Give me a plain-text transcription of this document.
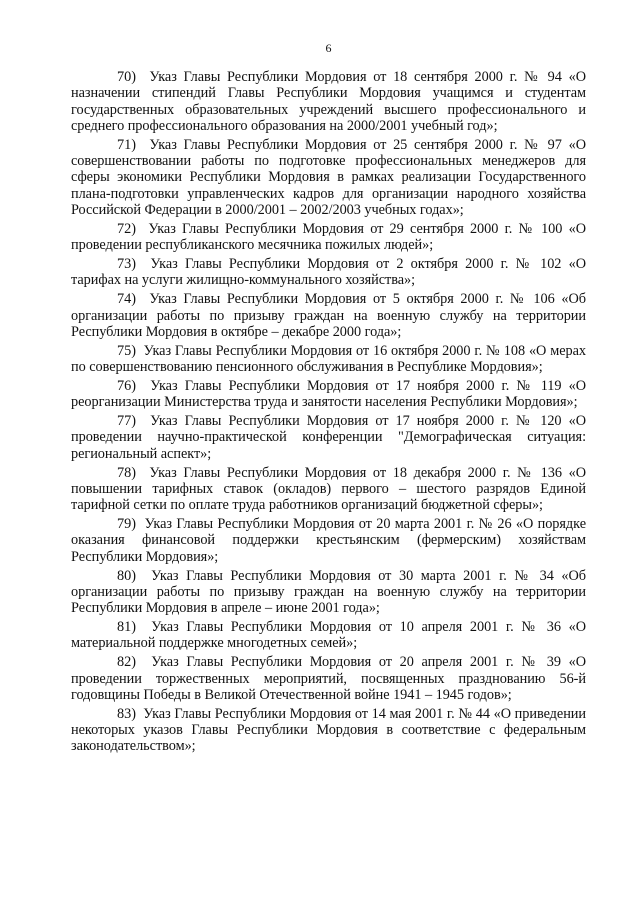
6

70) Указ Главы Республики Мордовия от 18 сентября 2000 г. № 94 «О назначении стипендий Главы Республики Мордовия учащимся и студентам государственных образовательных учреждений высшего профессионального и среднего профессионального образования на 2000/2001 учебный год»;

71) Указ Главы Республики Мордовия от 25 сентября 2000 г. № 97 «О совершенствовании работы по подготовке профессиональных менеджеров для сферы экономики Республики Мордовия в рамках реализации Государственного плана-подготовки управленческих кадров для организации народного хозяйства Российской Федерации в 2000/2001 – 2002/2003 учебных годах»;

72) Указ Главы Республики Мордовия от 29 сентября 2000 г. № 100 «О проведении республиканского месячника пожилых людей»;

73) Указ Главы Республики Мордовия от 2 октября 2000 г. № 102 «О тарифах на услуги жилищно-коммунального хозяйства»;

74) Указ Главы Республики Мордовия от 5 октября 2000 г. № 106 «Об организации работы по призыву граждан на военную службу на территории Республики Мордовия в октябре – декабре 2000 года»;

75) Указ Главы Республики Мордовия от 16 октября 2000 г. № 108 «О мерах по совершенствованию пенсионного обслуживания в Республике Мордовия»;

76) Указ Главы Республики Мордовия от 17 ноября 2000 г. № 119 «О реорганизации Министерства труда и занятости населения Республики Мордовия»;

77) Указ Главы Республики Мордовия от 17 ноября 2000 г. № 120 «О проведении научно-практической конференции "Демографическая ситуация: региональный аспект»;

78) Указ Главы Республики Мордовия от 18 декабря 2000 г. № 136 «О повышении тарифных ставок (окладов) первого – шестого разрядов Единой тарифной сетки по оплате труда работников организаций бюджетной сферы»;

79) Указ Главы Республики Мордовия от 20 марта 2001 г. № 26 «О порядке оказания финансовой поддержки крестьянским (фермерским) хозяйствам Республики Мордовия»;

80) Указ Главы Республики Мордовия от 30 марта 2001 г. № 34 «Об организации работы по призыву граждан на военную службу на территории Республики Мордовия в апреле – июне 2001 года»;

81) Указ Главы Республики Мордовия от 10 апреля 2001 г. № 36 «О материальной поддержке многодетных семей»;

82) Указ Главы Республики Мордовия от 20 апреля 2001 г. № 39 «О проведении торжественных мероприятий, посвященных празднованию 56-й годовщины Победы в Великой Отечественной войне 1941 – 1945 годов»;

83) Указ Главы Республики Мордовия от 14 мая 2001 г. № 44 «О приведении некоторых указов Главы Республики Мордовия в соответствие с федеральным законодательством»;
